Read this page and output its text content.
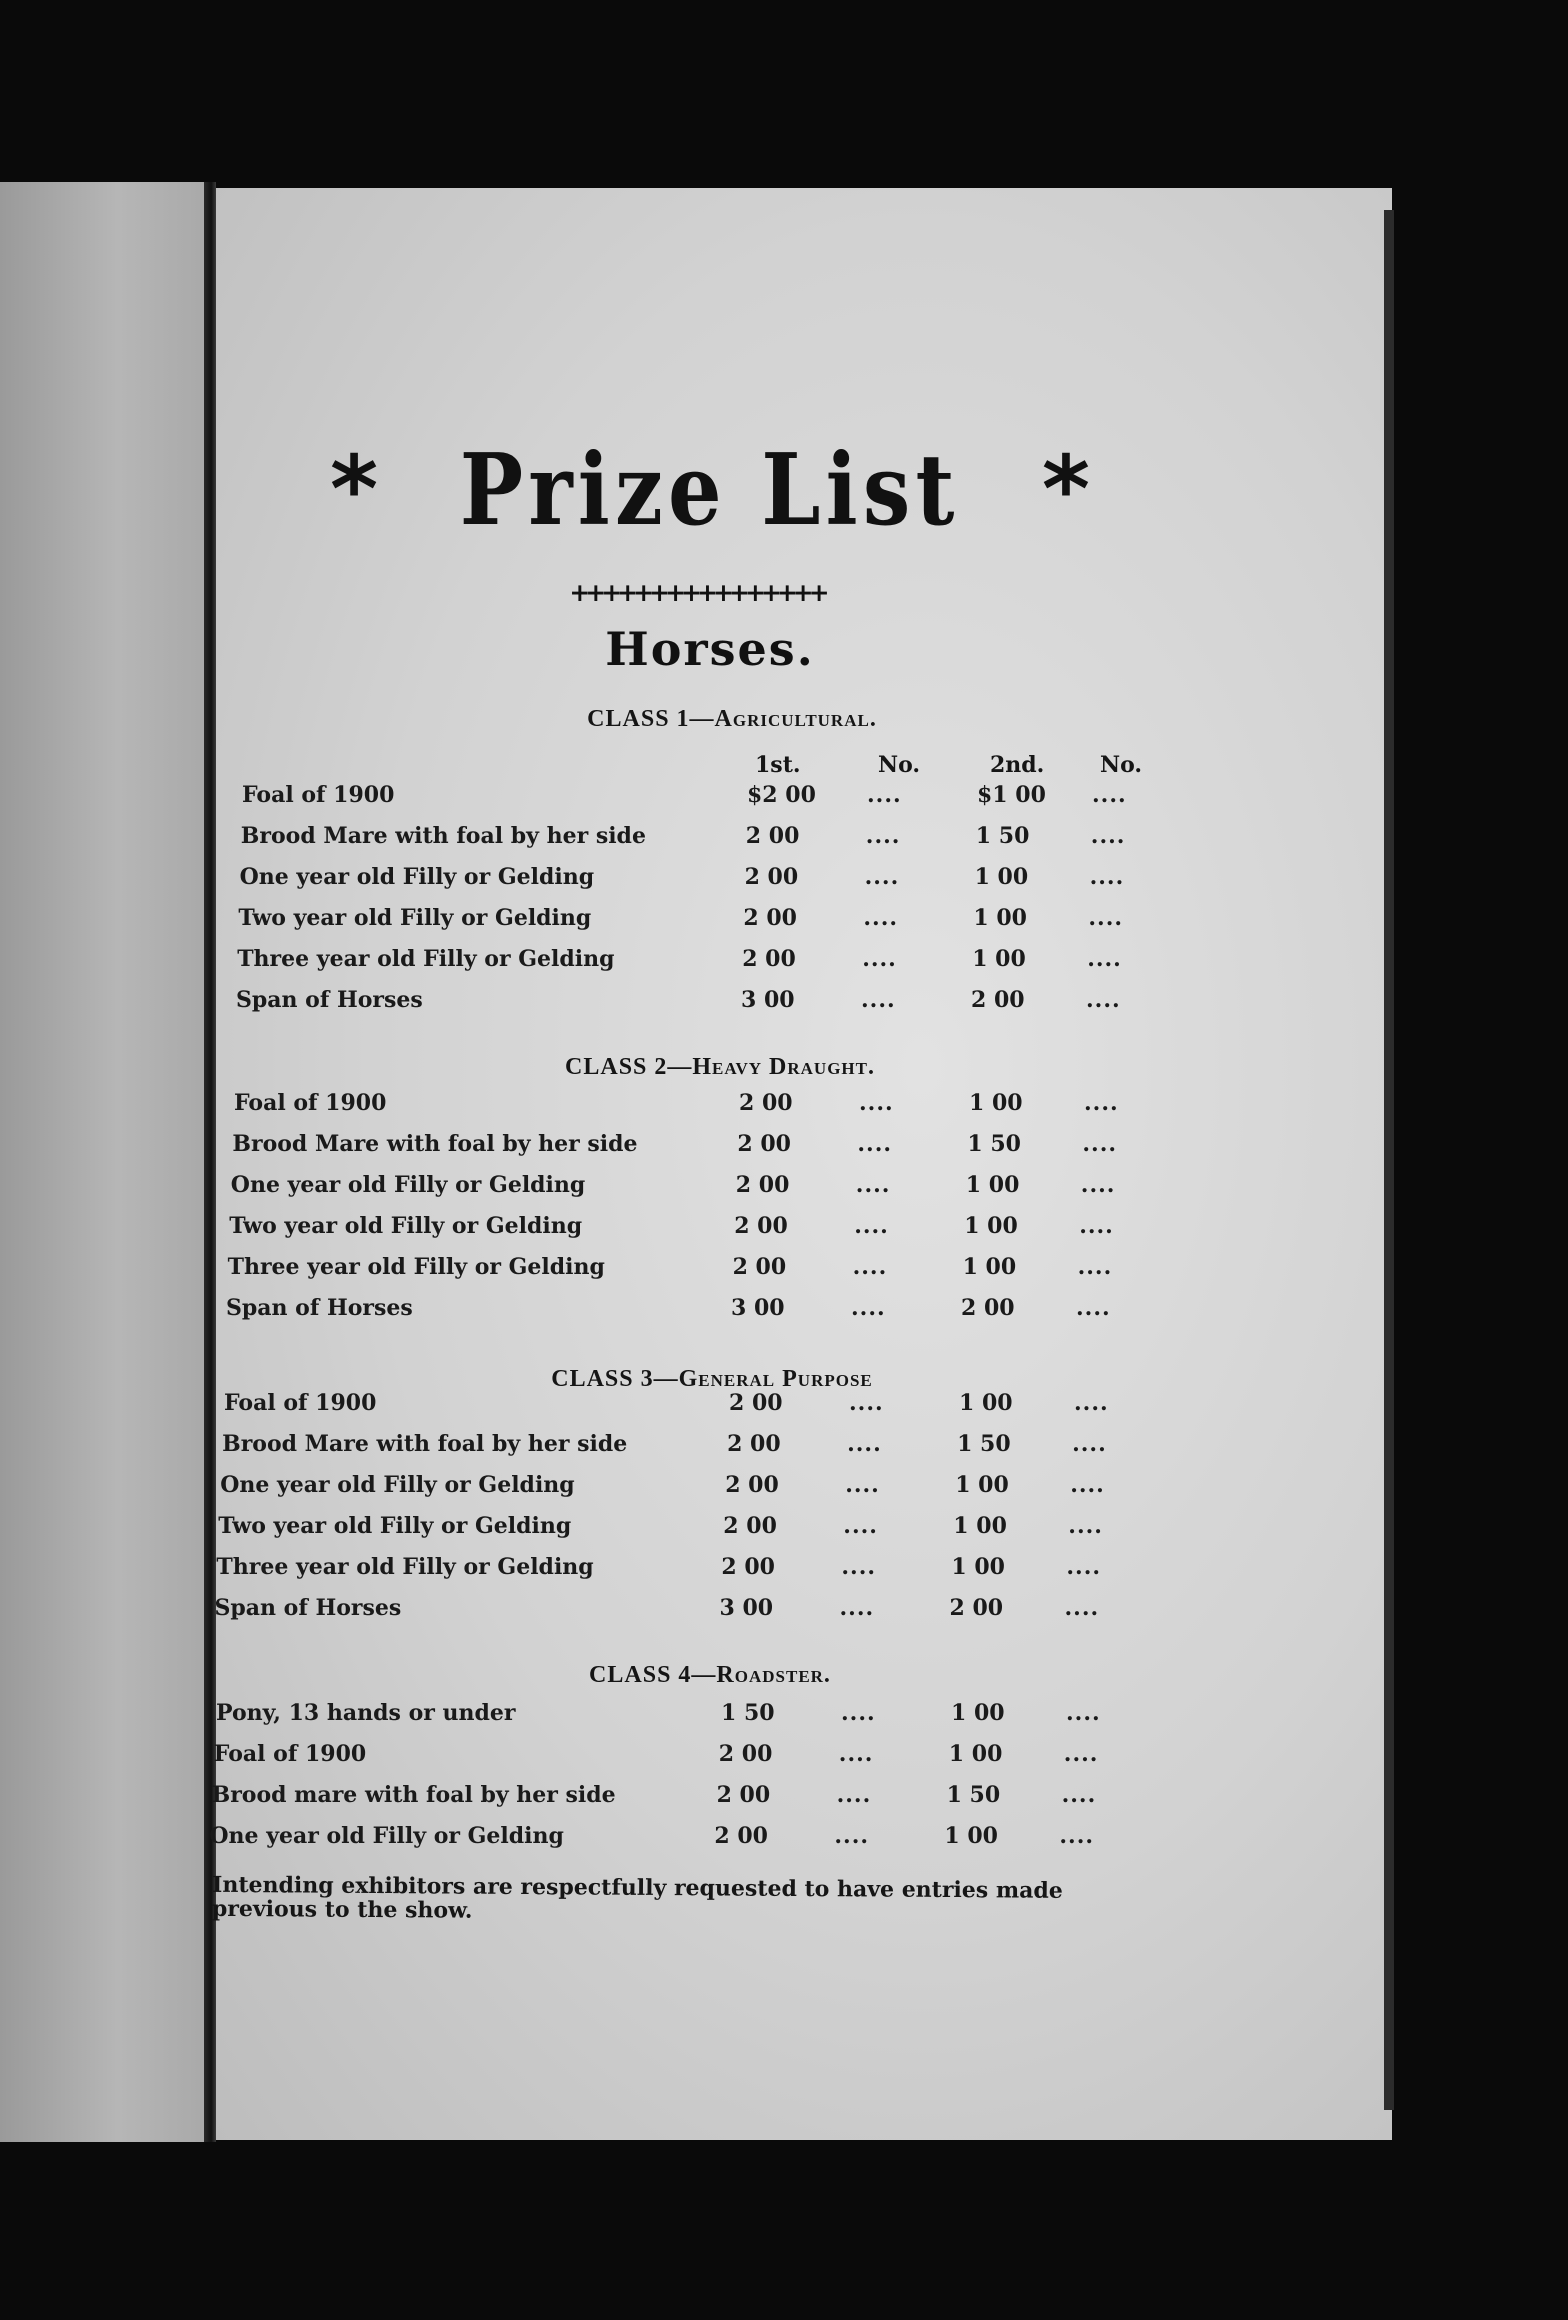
* Prize List *
++++++++++++++++
Horses.
1st.	No.	2nd.	No.
CLASS 1—Agricultural.
Foal of 1900	$2 00 ....	$1 00 ....
Brood Mare with foal by her side	2 00	....	1 50	....
One year old Filly or Gelding	2 00	....	1 00	....
Two year old Filly or Gelding	2 00	....	1 00	....
Three year old Filly or Gelding	2 00	....	1 00	....
Span of Horses	3 00	....	2 00	....
CLASS 2—Heavy Draught.
Foal of 1900	2 00	....	1 00	....
Brood Mare with foal by her side	2 00	....	1 50	....
One year old Filly or Gelding	2 00	....	1 00	....
Two year old Filly or Gelding	2 00	....	1 00	....
Three year old Filly or Gelding	2 00	....	1 00	....
Span of Horses	3 00	....	2 00	....
CLASS 3—General Purpose
Foal of 1900	2 00	....	1 00	....
Brood Mare with foal by her side	2 00	....	1 50	....
One year old Filly or Gelding	2 00	....	1 00	....
Two year old Filly or Gelding	2 00	....	1 00	....
Three year old Filly or Gelding	2 00	....	1 00	....
Span of Horses	3 00	....	2 00	....
CLASS 4—Roadster.
Pony, 13 hands or under	1 50	....	1 00	....
Foal of 1900	2 00	....	1 00	....
Brood mare with foal by her side	2 00	....	1 50	....
One year old Filly or Gelding	2 00	....	1 00	....
Intending exhibitors are respectfully requested to have entries made previous to the show.
